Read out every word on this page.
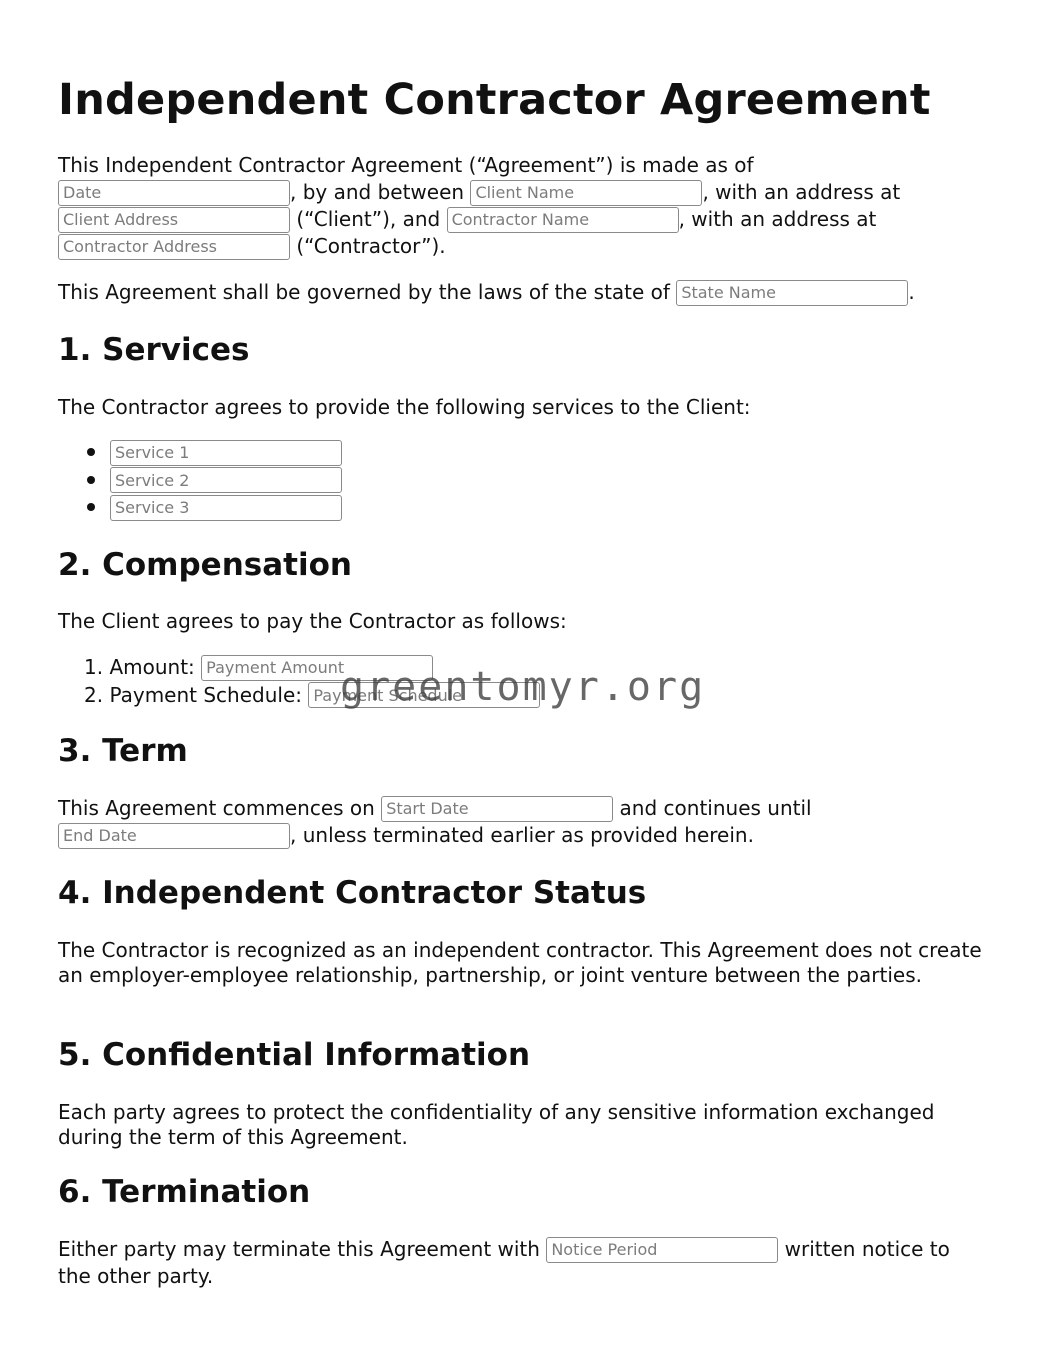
Independent Contractor Agreement
This Independent Contractor Agreement (“Agreement”) is made as of
Date, by and between Client Name	, with an address at
Client Address (“Client”), and Contractor Name	, with an address at
Contractor Address (“Contractor”).
This Agreement shall be governed by the laws of the state of State Name	.
1. Services
The Contractor agrees to provide the following services to the Client:
Service 1
Service 2
Service 3
2. Compensation
The Client agrees to pay the Contractor as follows:
1. Amount: Payment Amount
2. Payment Schedule: Payment Schedule
3. Term
This Agreement commences on Start Date	and continues until
End Date, unless terminated earlier as provided herein.
4. Independent Contractor Status

The Contractor is recognized as an independent contractor. This Agreement does not create an employer-employee relationship, partnership, or joint venture between the parties.

5. Confidential Information

Each party agrees to protect the confidentiality of any sensitive information exchanged during the term of this Agreement.

6. Termination
Either party may terminate this Agreement with Notice Period	written notice to
the other party.
greentomyr.org
